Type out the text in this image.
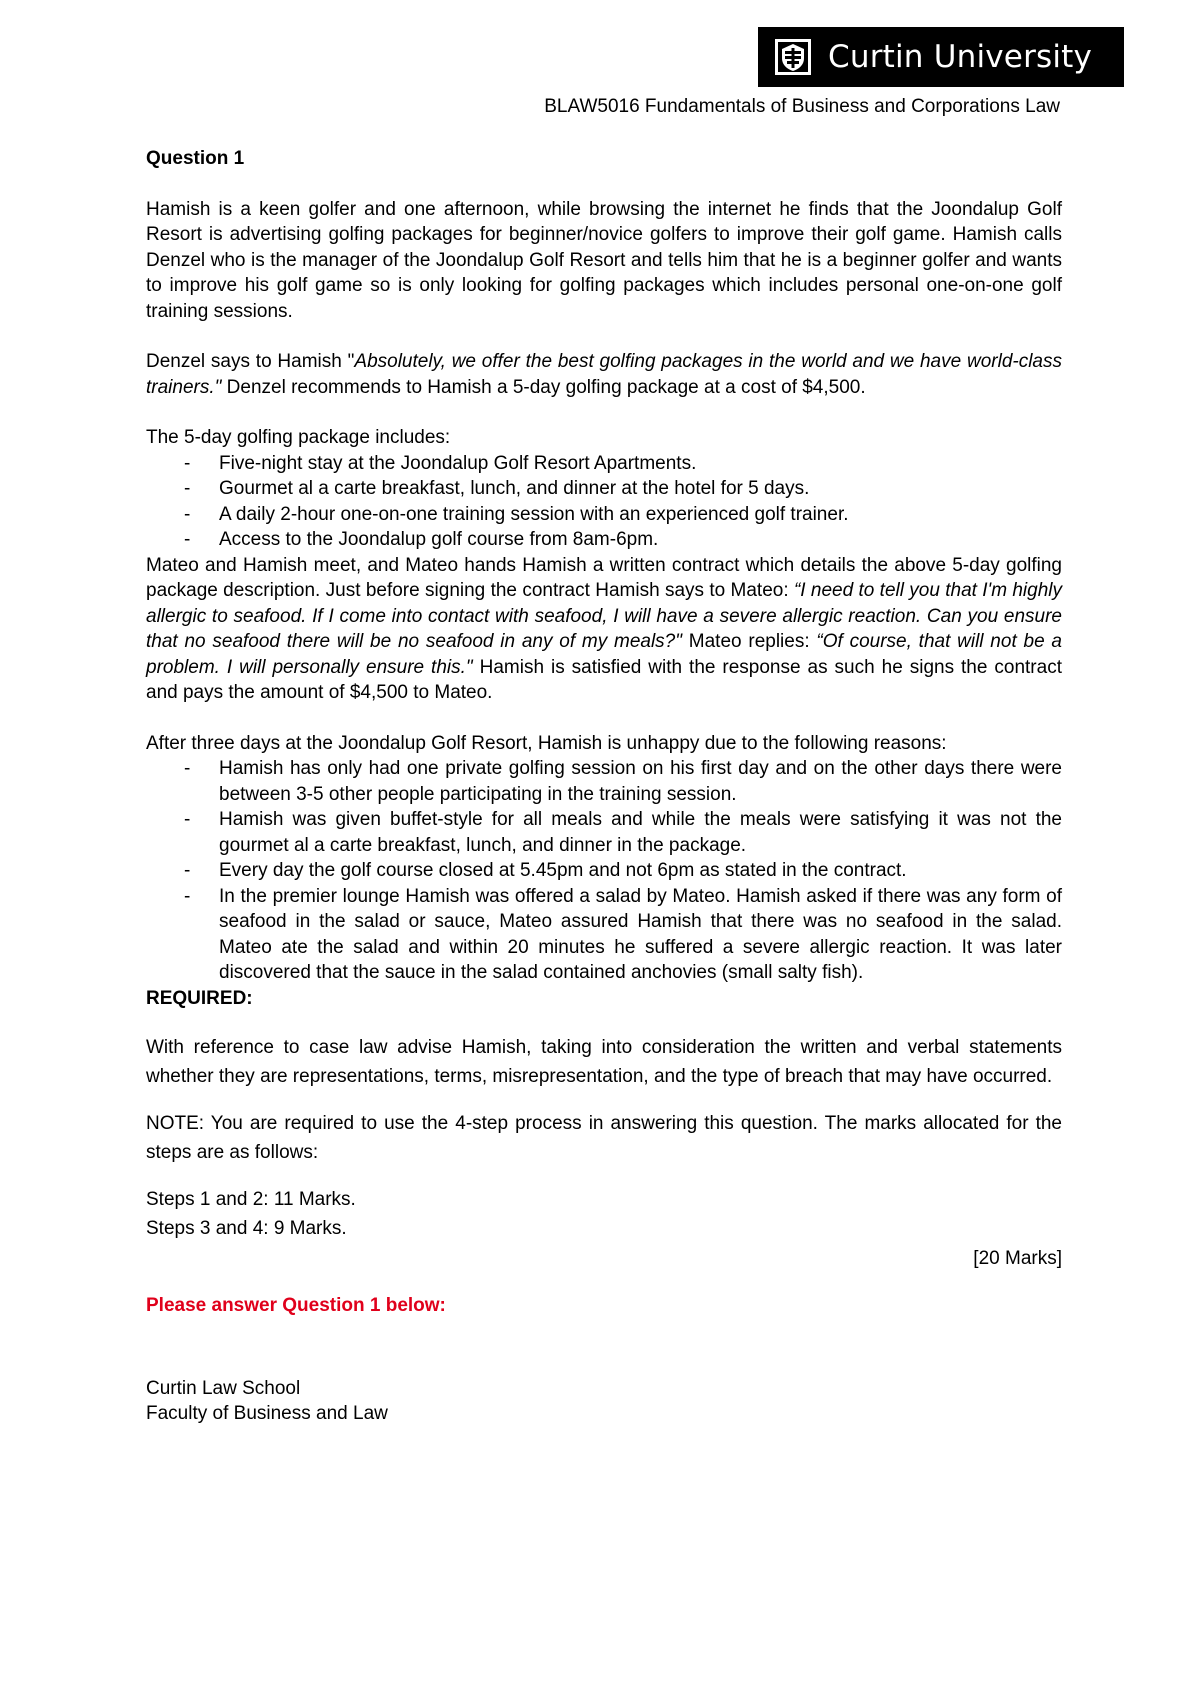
Curtin University
BLAW5016 Fundamentals of Business and Corporations Law

Question 1

Hamish is a keen golfer and one afternoon, while browsing the internet he finds that the Joondalup Golf Resort is advertising golfing packages for beginner/novice golfers to improve their golf game. Hamish calls Denzel who is the manager of the Joondalup Golf Resort and tells him that he is a beginner golfer and wants to improve his golf game so is only looking for golfing packages which includes personal one-on-one golf training sessions.

Denzel says to Hamish "Absolutely, we offer the best golfing packages in the world and we have world-class trainers." Denzel recommends to Hamish a 5-day golfing package at a cost of $4,500.

The 5-day golfing package includes:

- Five-night stay at the Joondalup Golf Resort Apartments.
- Gourmet al a carte breakfast, lunch, and dinner at the hotel for 5 days.
- A daily 2-hour one-on-one training session with an experienced golf trainer.
- Access to the Joondalup golf course from 8am-6pm.

Mateo and Hamish meet, and Mateo hands Hamish a written contract which details the above 5-day golfing package description. Just before signing the contract Hamish says to Mateo: “I need to tell you that I'm highly allergic to seafood. If I come into contact with seafood, I will have a severe allergic reaction. Can you ensure that no seafood there will be no seafood in any of my meals?" Mateo replies: “Of course, that will not be a problem. I will personally ensure this." Hamish is satisfied with the response as such he signs the contract and pays the amount of $4,500 to Mateo.

After three days at the Joondalup Golf Resort, Hamish is unhappy due to the following reasons:

- Hamish has only had one private golfing session on his first day and on the other days there were between 3-5 other people participating in the training session.
- Hamish was given buffet-style for all meals and while the meals were satisfying it was not the gourmet al a carte breakfast, lunch, and dinner in the package.
- Every day the golf course closed at 5.45pm and not 6pm as stated in the contract.
- In the premier lounge Hamish was offered a salad by Mateo. Hamish asked if there was any form of seafood in the salad or sauce, Mateo assured Hamish that there was no seafood in the salad. Mateo ate the salad and within 20 minutes he suffered a severe allergic reaction. It was later discovered that the sauce in the salad contained anchovies (small salty fish).

REQUIRED:

With reference to case law advise Hamish, taking into consideration the written and verbal statements whether they are representations, terms, misrepresentation, and the type of breach that may have occurred.

NOTE: You are required to use the 4-step process in answering this question. The marks allocated for the steps are as follows:

Steps 1 and 2: 11 Marks.

Steps 3 and 4: 9 Marks.

[20 Marks]

Please answer Question 1 below:

Curtin Law School

Faculty of Business and Law
